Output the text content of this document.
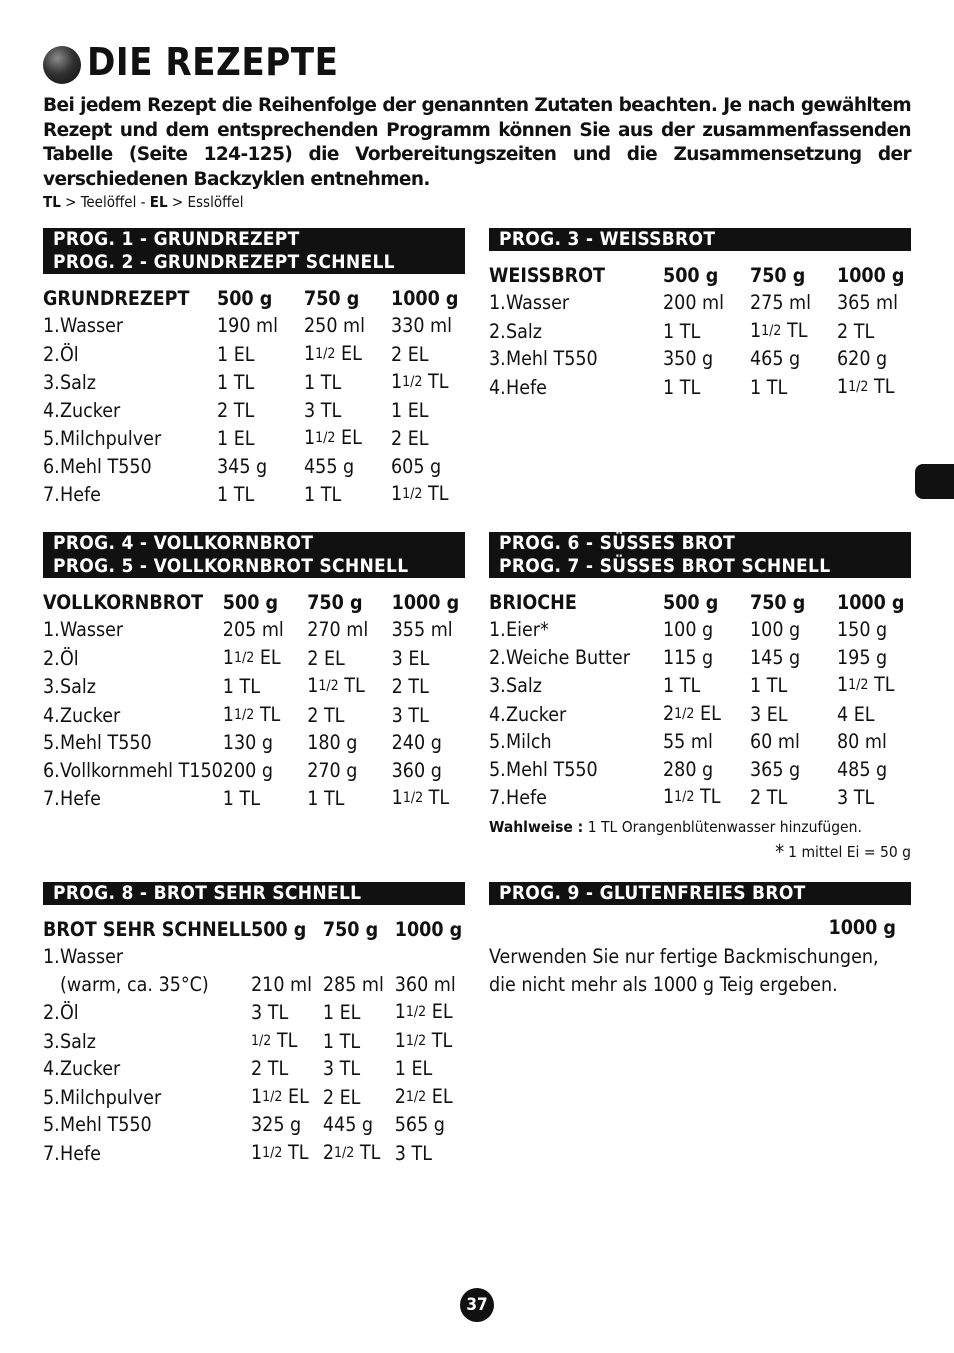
DIE REZEPTE

Bei jedem Rezept die Reihenfolge der genannten Zutaten beachten. Je nach gewähltem Rezept und dem entsprechenden Programm können Sie aus der zusammenfassenden Tabelle (Seite 124-125) die Vorbereitungszeiten und die Zusammensetzung der verschiedenen Backzyklen entnehmen.

TL > Teelöffel - EL > Esslöffel

PROG. 1 - GRUNDREZEPT
PROG. 2 - GRUNDREZEPT SCHNELL
GRUNDREZEPT	500 g	750 g	1000 g
1.Wasser	190 ml	250 ml	330 ml
2.Öl	1 EL	11/2 EL	2 EL
3.Salz	1 TL	1 TL	11/2 TL
4.Zucker	2 TL	3 TL	1 EL
5.Milchpulver	1 EL	11/2 EL	2 EL
6.Mehl T550	345 g	455 g	605 g
7.Hefe	1 TL	1 TL	11/2 TL
PROG. 3 - WEISSBROT
WEISSBROT	500 g	750 g	1000 g
1.Wasser	200 ml	275 ml	365 ml
2.Salz	1 TL	11/2 TL	2 TL
3.Mehl T550	350 g	465 g	620 g
4.Hefe	1 TL	1 TL	11/2 TL
PROG. 4 - VOLLKORNBROT
PROG. 5 - VOLLKORNBROT SCHNELL
VOLLKORNBROT	500 g	750 g	1000 g
1.Wasser	205 ml	270 ml	355 ml
2.Öl	11/2 EL	2 EL	3 EL
3.Salz	1 TL	11/2 TL	2 TL
4.Zucker	11/2 TL	2 TL	3 TL
5.Mehl T550	130 g	180 g	240 g
6.Vollkornmehl T150	200 g	270 g	360 g
7.Hefe	1 TL	1 TL	11/2 TL
PROG. 6 - SÜSSES BROT
PROG. 7 - SÜSSES BROT SCHNELL
BRIOCHE	500 g	750 g	1000 g
1.Eier*	100 g	100 g	150 g
2.Weiche Butter	115 g	145 g	195 g
3.Salz	1 TL	1 TL	11/2 TL
4.Zucker	21/2 EL	3 EL	4 EL
5.Milch	55 ml	60 ml	80 ml
5.Mehl T550	280 g	365 g	485 g
7.Hefe	11/2 TL	2 TL	3 TL

Wahlweise : 1 TL Orangenblütenwasser hinzufügen.

* 1 mittel Ei = 50 g

PROG. 8 - BROT SEHR SCHNELL
BROT SEHR SCHNELL	500 g	750 g	1000 g
1.Wasser			
(warm, ca. 35°C)	210 ml	285 ml	360 ml
2.Öl	3 TL	1 EL	11/2 EL
3.Salz	1/2 TL	1 TL	11/2 TL
4.Zucker	2 TL	3 TL	1 EL
5.Milchpulver	11/2 EL	2 EL	21/2 EL
5.Mehl T550	325 g	445 g	565 g
7.Hefe	11/2 TL	21/2 TL	3 TL
PROG. 9 - GLUTENFREIES BROT
1000 g

Verwenden Sie nur fertige Backmischungen,
die nicht mehr als 1000 g Teig ergeben.

37
